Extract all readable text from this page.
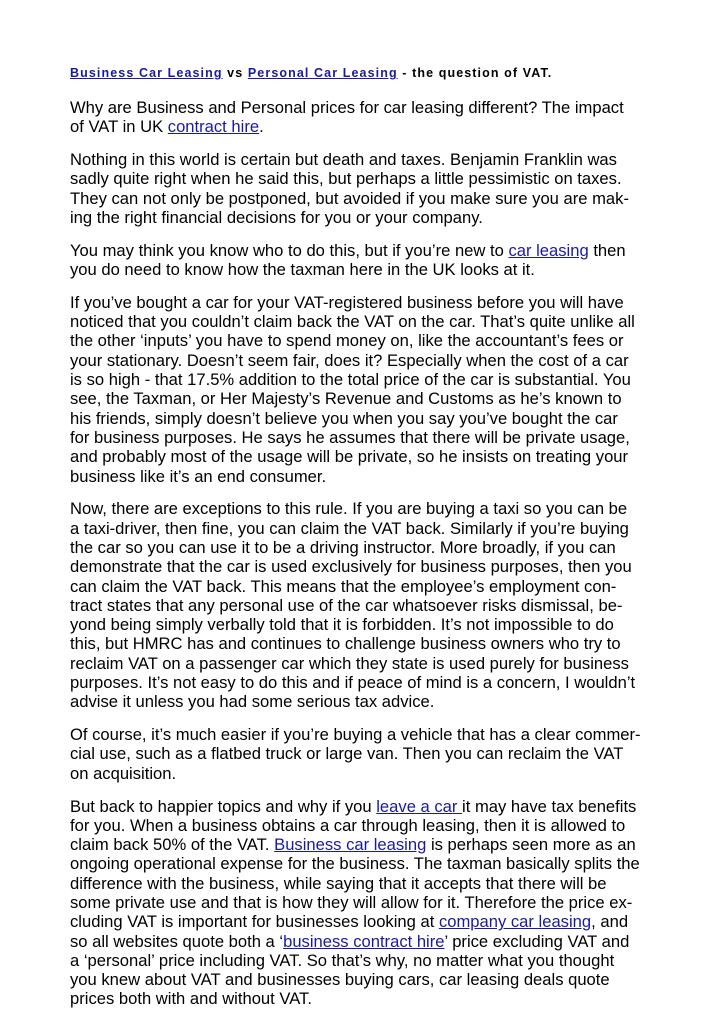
Business Car Leasing vs Personal Car Leasing - the question of VAT.

Why are Business and Personal prices for car leasing different? The impact
of VAT in UK contract hire.

Nothing in this world is certain but death and taxes. Benjamin Franklin was
sadly quite right when he said this, but perhaps a little pessimistic on taxes.
They can not only be postponed, but avoided if you make sure you are mak-
ing the right financial decisions for you or your company.

You may think you know who to do this, but if you’re new to car leasing then
you do need to know how the taxman here in the UK looks at it.

If you’ve bought a car for your VAT-registered business before you will have
noticed that you couldn’t claim back the VAT on the car. That’s quite unlike all
the other ‘inputs’ you have to spend money on, like the accountant’s fees or
your stationary. Doesn’t seem fair, does it? Especially when the cost of a car
is so high - that 17.5% addition to the total price of the car is substantial. You
see, the Taxman, or Her Majesty’s Revenue and Customs as he’s known to
his friends, simply doesn’t believe you when you say you’ve bought the car
for business purposes. He says he assumes that there will be private usage,
and probably most of the usage will be private, so he insists on treating your
business like it’s an end consumer.

Now, there are exceptions to this rule. If you are buying a taxi so you can be
a taxi-driver, then fine, you can claim the VAT back. Similarly if you’re buying
the car so you can use it to be a driving instructor. More broadly, if you can
demonstrate that the car is used exclusively for business purposes, then you
can claim the VAT back. This means that the employee’s employment con-
tract states that any personal use of the car whatsoever risks dismissal, be-
yond being simply verbally told that it is forbidden. It’s not impossible to do
this, but HMRC has and continues to challenge business owners who try to
reclaim VAT on a passenger car which they state is used purely for business
purposes. It’s not easy to do this and if peace of mind is a concern, I wouldn’t
advise it unless you had some serious tax advice.

Of course, it’s much easier if you’re buying a vehicle that has a clear commer-
cial use, such as a flatbed truck or large van. Then you can reclaim the VAT
on acquisition.

But back to happier topics and why if you leave a car it may have tax benefits
for you. When a business obtains a car through leasing, then it is allowed to
claim back 50% of the VAT. Business car leasing is perhaps seen more as an
ongoing operational expense for the business. The taxman basically splits the
difference with the business, while saying that it accepts that there will be
some private use and that is how they will allow for it. Therefore the price ex-
cluding VAT is important for businesses looking at company car leasing, and
so all websites quote both a ‘business contract hire’ price excluding VAT and
a ‘personal’ price including VAT. So that’s why, no matter what you thought
you knew about VAT and businesses buying cars, car leasing deals quote
prices both with and without VAT.
